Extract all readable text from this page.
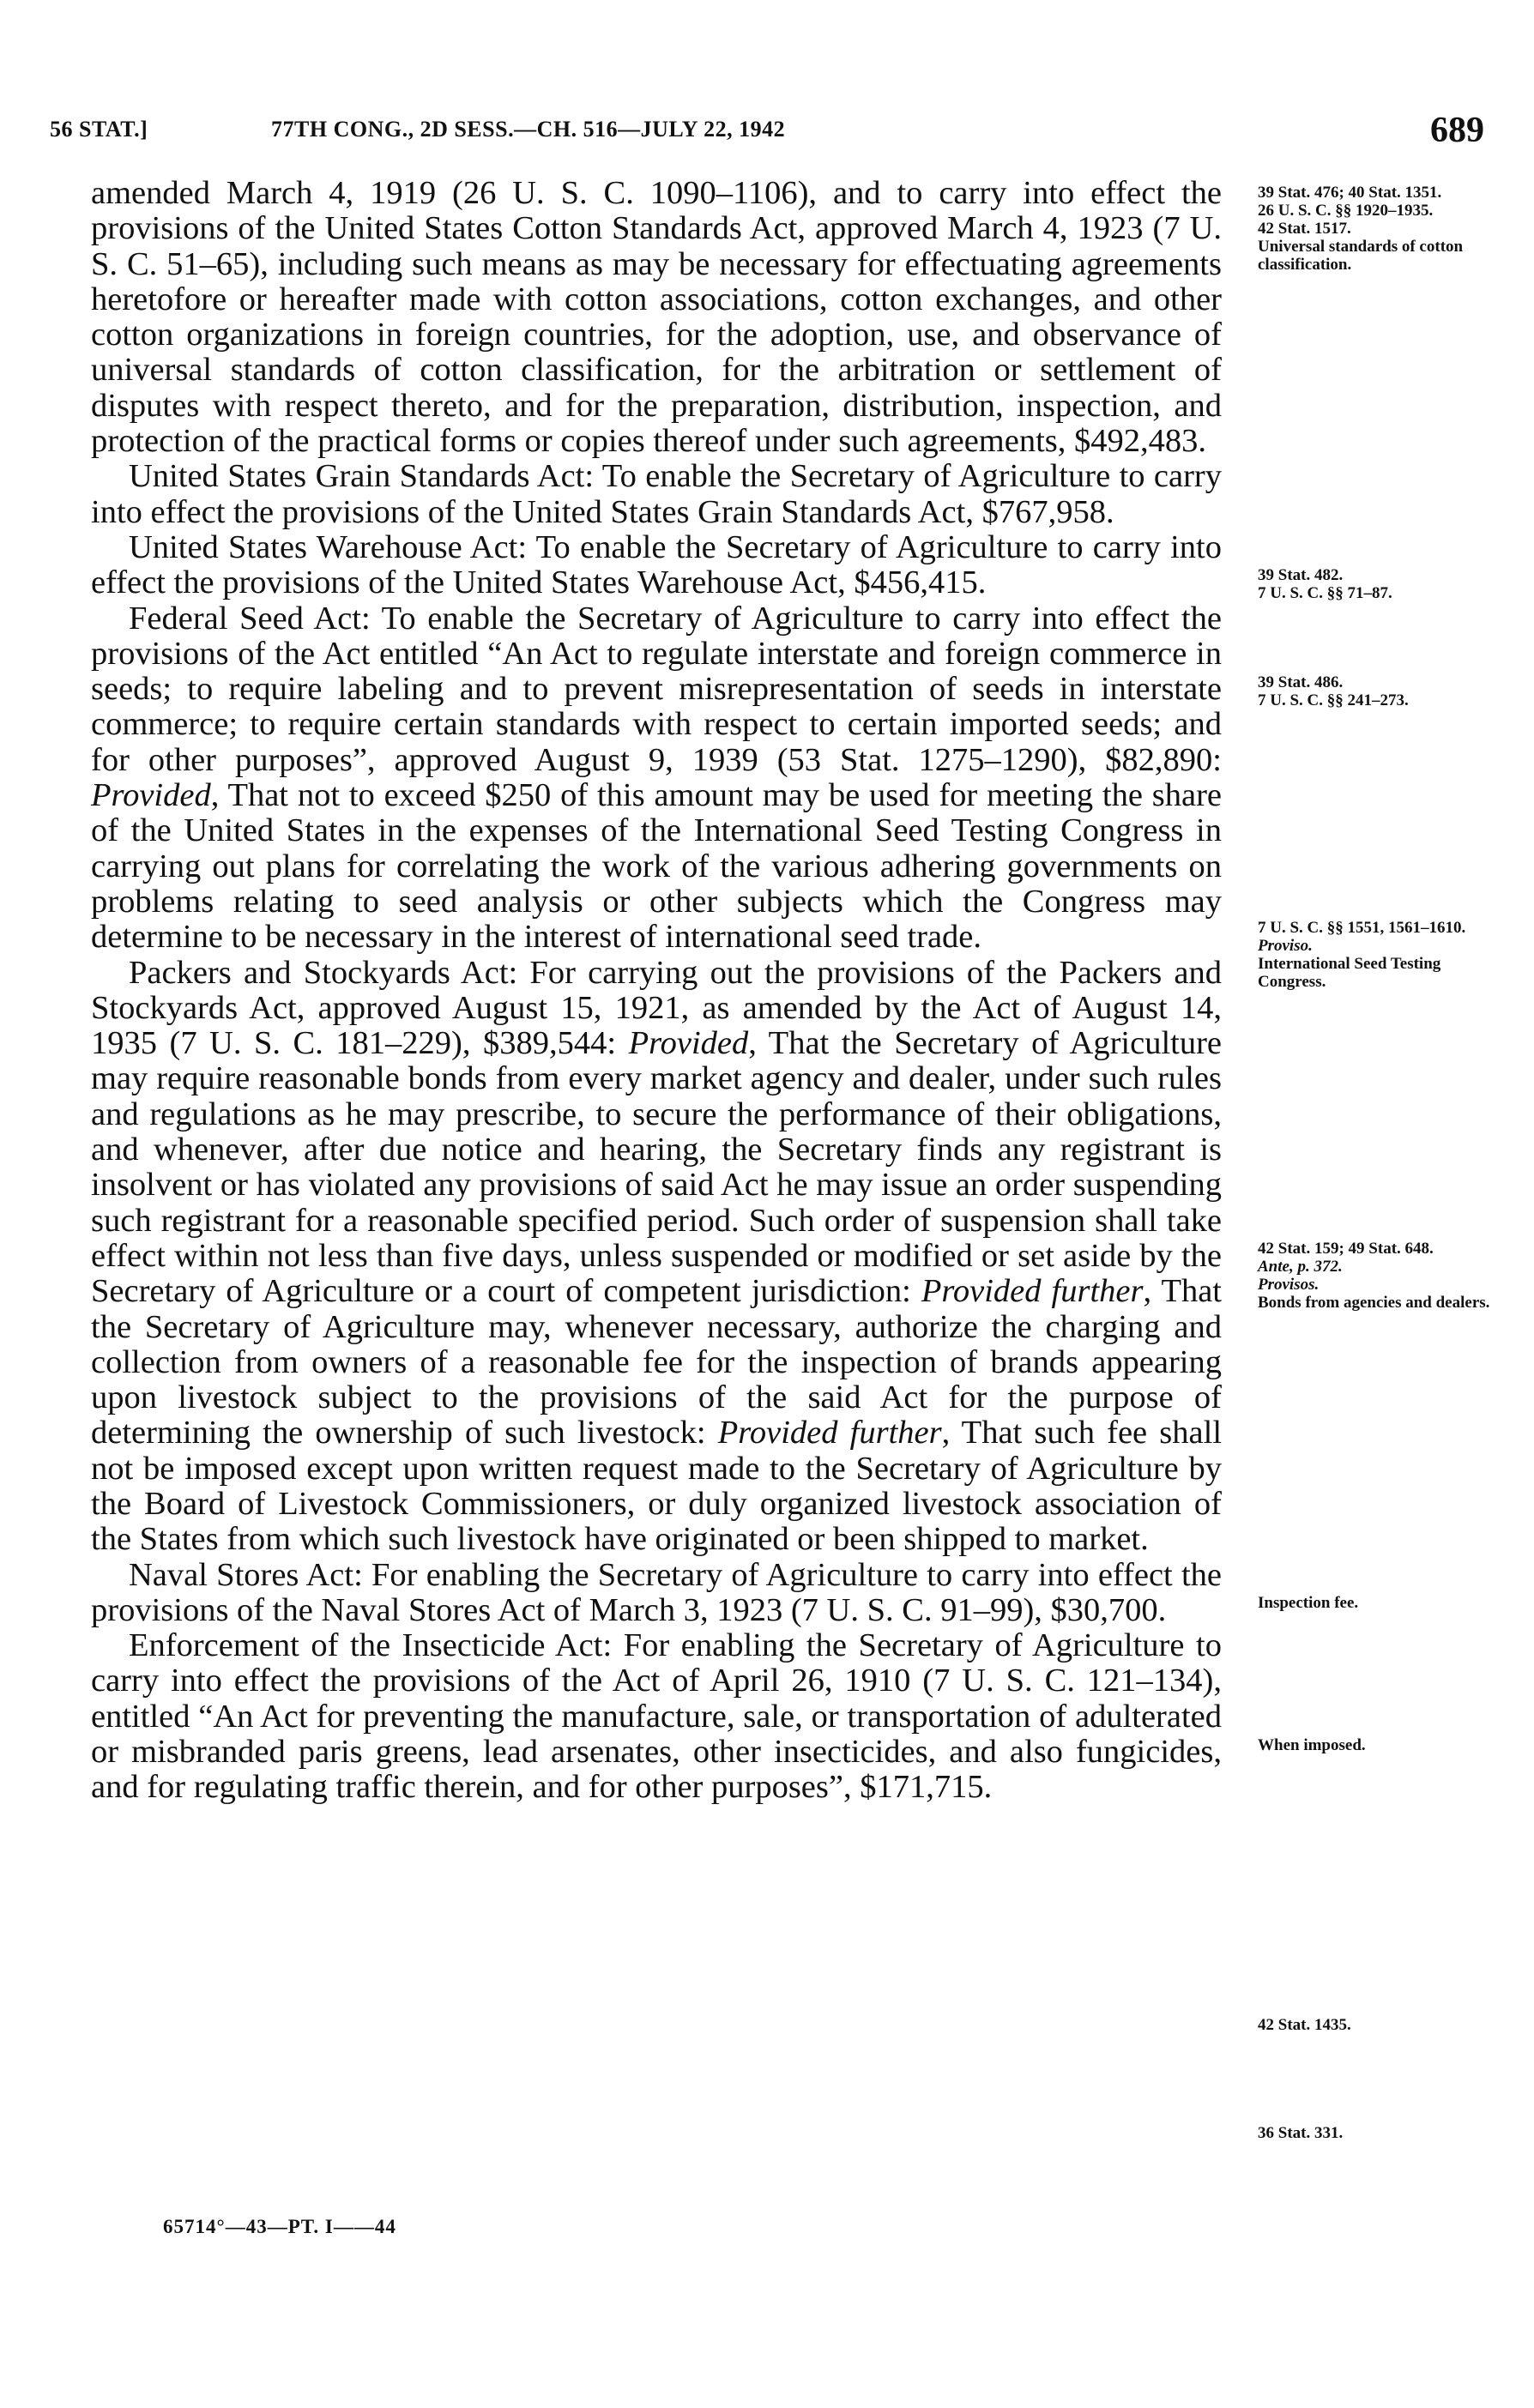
56 STAT.]	77TH CONG., 2D SESS.—CH. 516—JULY 22, 1942	689

amended March 4, 1919 (26 U. S. C. 1090–1106), and to carry into effect the provisions of the United States Cotton Standards Act, approved March 4, 1923 (7 U. S. C. 51–65), including such means as may be necessary for effectuating agreements heretofore or hereafter made with cotton associations, cotton exchanges, and other cotton organizations in foreign countries, for the adoption, use, and observance of universal standards of cotton classification, for the arbitration or settlement of disputes with respect thereto, and for the preparation, distribution, inspection, and protection of the practical forms or copies thereof under such agreements, $492,483.

United States Grain Standards Act: To enable the Secretary of Agriculture to carry into effect the provisions of the United States Grain Standards Act, $767,958.

United States Warehouse Act: To enable the Secretary of Agriculture to carry into effect the provisions of the United States Warehouse Act, $456,415.

Federal Seed Act: To enable the Secretary of Agriculture to carry into effect the provisions of the Act entitled “An Act to regulate interstate and foreign commerce in seeds; to require labeling and to prevent misrepresentation of seeds in interstate commerce; to require certain standards with respect to certain imported seeds; and for other purposes”, approved August 9, 1939 (53 Stat. 1275–1290), $82,890: Provided, That not to exceed $250 of this amount may be used for meeting the share of the United States in the expenses of the International Seed Testing Congress in carrying out plans for correlating the work of the various adhering governments on problems relating to seed analysis or other subjects which the Congress may determine to be necessary in the interest of international seed trade.

Packers and Stockyards Act: For carrying out the provisions of the Packers and Stockyards Act, approved August 15, 1921, as amended by the Act of August 14, 1935 (7 U. S. C. 181–229), $389,544: Provided, That the Secretary of Agriculture may require reasonable bonds from every market agency and dealer, under such rules and regulations as he may prescribe, to secure the performance of their obligations, and whenever, after due notice and hearing, the Secretary finds any registrant is insolvent or has violated any provisions of said Act he may issue an order suspending such registrant for a reasonable specified period. Such order of suspension shall take effect within not less than five days, unless suspended or modified or set aside by the Secretary of Agriculture or a court of competent jurisdiction: Provided further, That the Secretary of Agriculture may, whenever necessary, authorize the charging and collection from owners of a reasonable fee for the inspection of brands appearing upon livestock subject to the provisions of the said Act for the purpose of determining the ownership of such livestock: Provided further, That such fee shall not be imposed except upon written request made to the Secretary of Agriculture by the Board of Livestock Commissioners, or duly organized livestock association of the States from which such livestock have originated or been shipped to market.

Naval Stores Act: For enabling the Secretary of Agriculture to carry into effect the provisions of the Naval Stores Act of March 3, 1923 (7 U. S. C. 91–99), $30,700.

Enforcement of the Insecticide Act: For enabling the Secretary of Agriculture to carry into effect the provisions of the Act of April 26, 1910 (7 U. S. C. 121–134), entitled “An Act for preventing the manufacture, sale, or transportation of adulterated or misbranded paris greens, lead arsenates, other insecticides, and also fungicides, and for regulating traffic therein, and for other purposes”, $171,715.

39 Stat. 476; 40 Stat. 1351.
26 U. S. C. §§ 1920–1935.
42 Stat. 1517.
Universal standards of cotton classification.
39 Stat. 482.
7 U. S. C. §§ 71–87.
39 Stat. 486.
7 U. S. C. §§ 241–273.
7 U. S. C. §§ 1551, 1561–1610.
Proviso.
International Seed Testing Congress.
42 Stat. 159; 49 Stat. 648.
Ante, p. 372.
Provisos.
Bonds from agencies and dealers.
Inspection fee.
When imposed.
42 Stat. 1435.
36 Stat. 331.
65714°—43—PT. I——44
